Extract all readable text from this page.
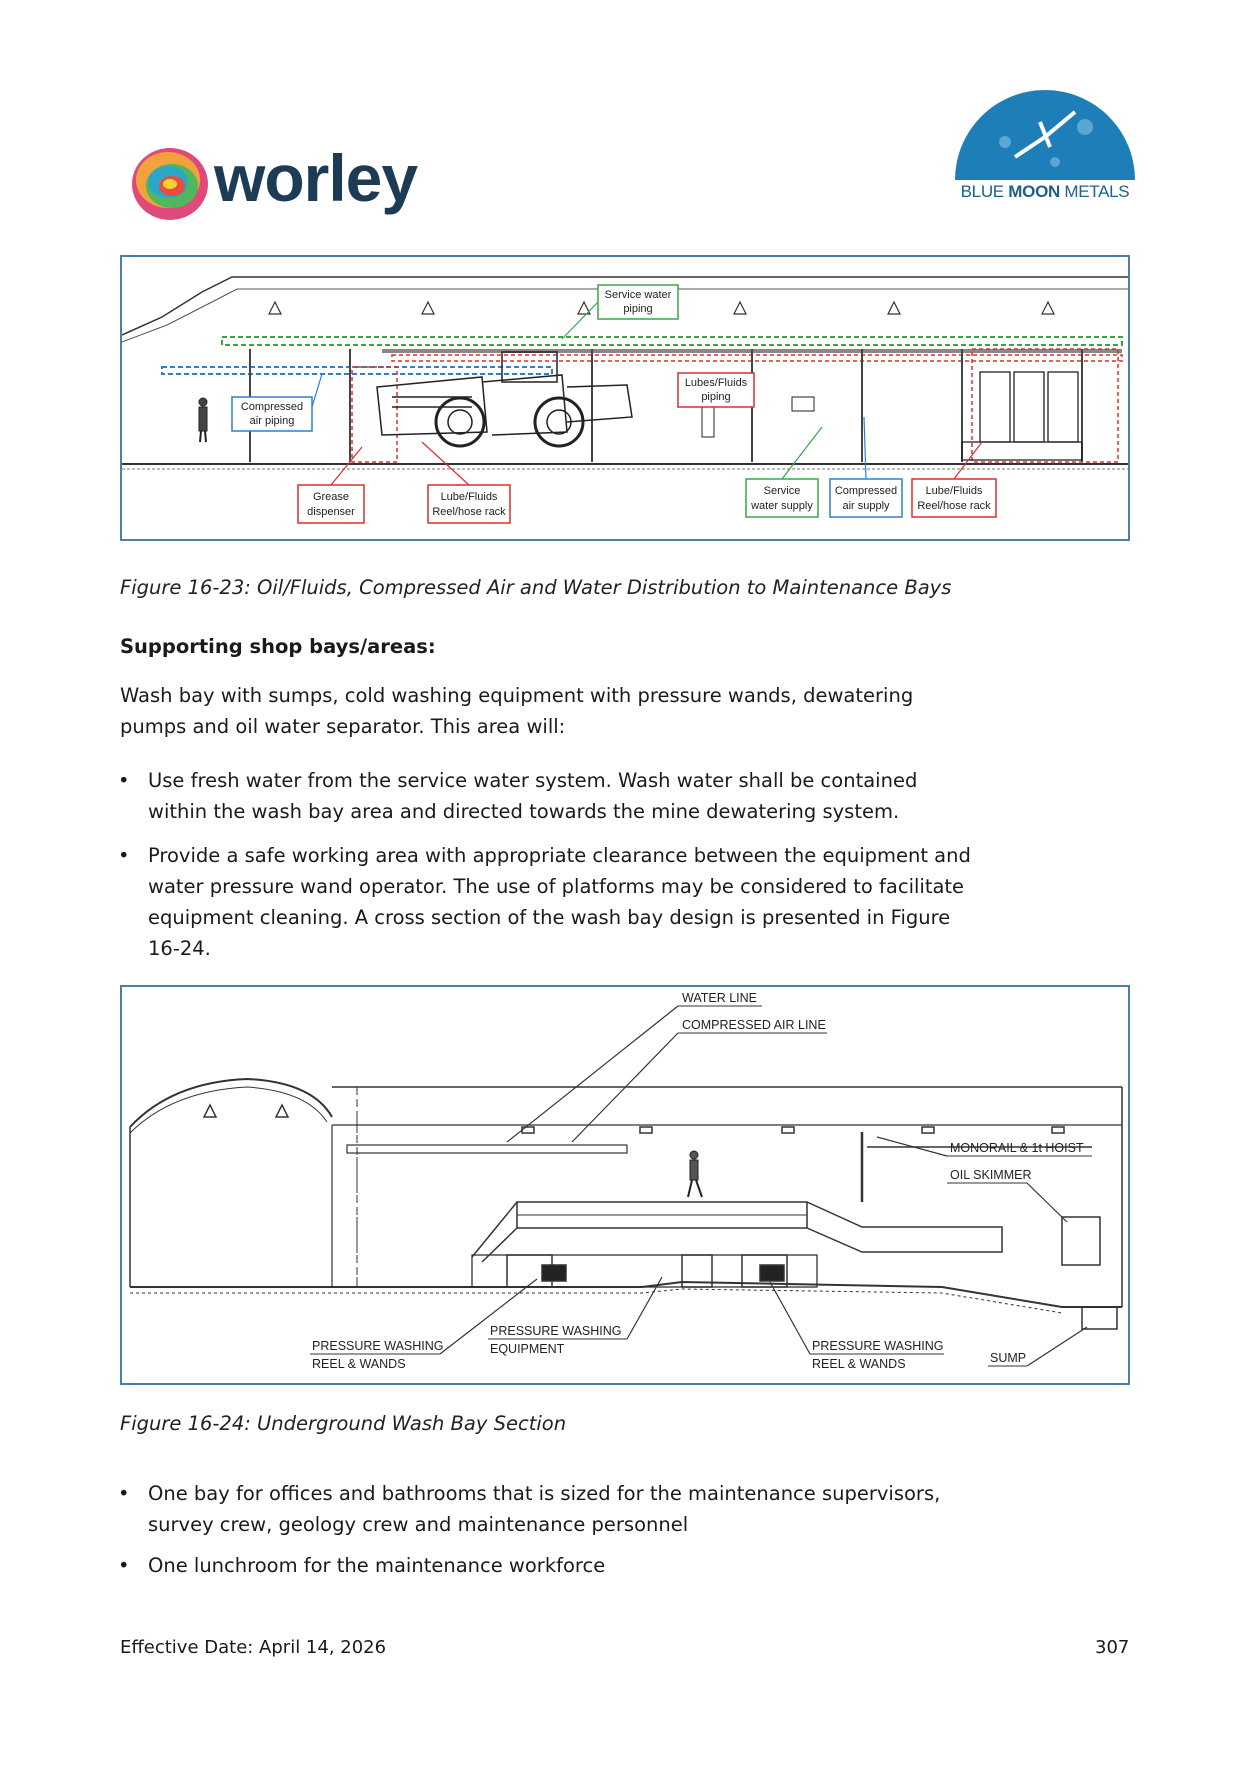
worley	BLUE MOON METALS
Service water
piping
Compressed
air piping
Lubes/Fluids
piping
Grease
dispenser
Lube/Fluids
Reel/hose rack
Service
water supply
Compressed
air supply
Lube/Fluids
Reel/hose rack
Figure 16-23: Oil/Fluids, Compressed Air and Water Distribution to Maintenance Bays
Supporting shop bays/areas:
Wash bay with sumps, cold washing equipment with pressure wands, dewatering
pumps and oil water separator. This area will:
• Use fresh water from the service water system. Wash water shall be contained
within the wash bay area and directed towards the mine dewatering system.
• Provide a safe working area with appropriate clearance between the equipment and
water pressure wand operator. The use of platforms may be considered to facilitate
equipment cleaning. A cross section of the wash bay design is presented in Figure
16-24.
WATER LINE
COMPRESSED AIR LINE
MONORAIL & 1t HOIST
OIL SKIMMER
PRESSURE WASHING
REEL & WANDS
PRESSURE WASHING
EQUIPMENT	PRESSURE WASHING
REEL & WANDS	SUMP
Figure 16-24: Underground Wash Bay Section
• One bay for offices and bathrooms that is sized for the maintenance supervisors,
survey crew, geology crew and maintenance personnel
• One lunchroom for the maintenance workforce
Effective Date: April 14, 2026	307
